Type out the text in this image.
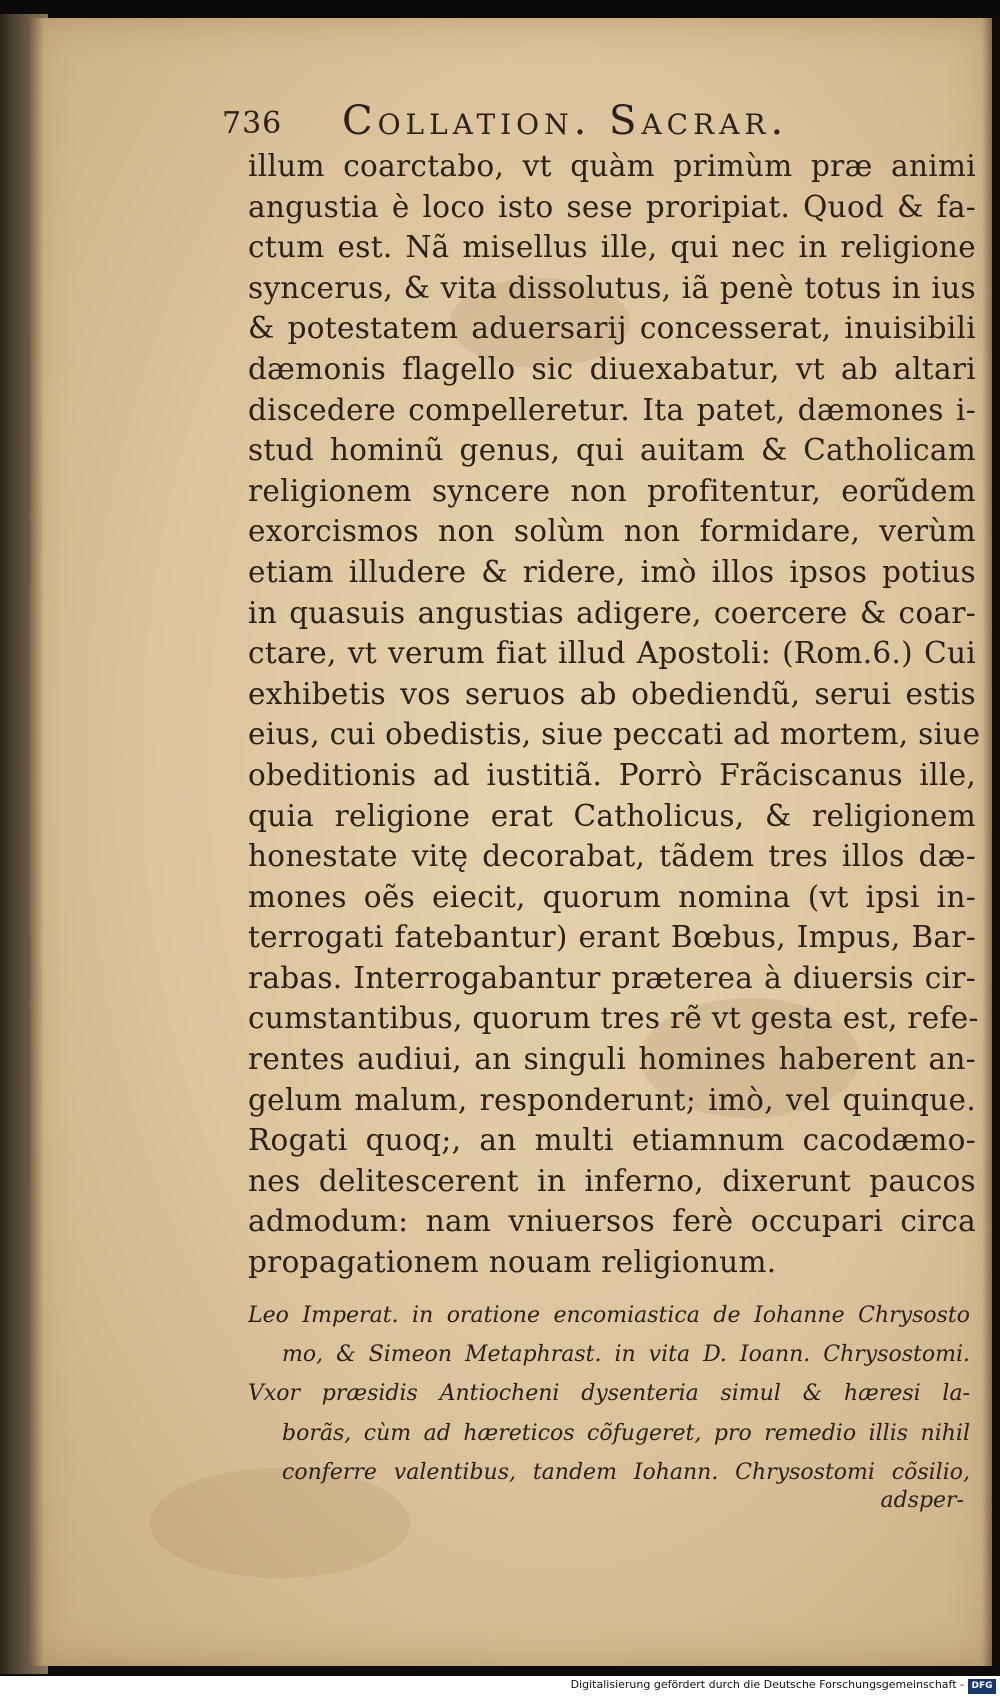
736 Collation. Sacrar.
illum coarctabo, vt quàm primùm præ animi
angustia è loco isto sese proripiat. Quod & fa-
ctum est. Nã misellus ille, qui nec in religione
syncerus, & vita dissolutus, iã penè totus in ius
& potestatem aduersarij concesserat, inuisibili
dæmonis flagello sic diuexabatur, vt ab altari
discedere compelleretur. Ita patet, dæmones i-
stud hominũ genus, qui auitam & Catholicam
religionem syncere non profitentur, eorũdem
exorcismos non solùm non formidare, verùm
etiam illudere & ridere, imò illos ipsos potius
in quasuis angustias adigere, coercere & coar-
ctare, vt verum fiat illud Apostoli: (Rom.6.) Cui
exhibetis vos seruos ab obediendũ, serui estis
eius, cui obedistis, siue peccati ad mortem, siue
obeditionis ad iustitiã. Porrò Frãciscanus ille,
quia religione erat Catholicus, & religionem
honestate vitę decorabat, tãdem tres illos dæ-
mones oẽs eiecit, quorum nomina (vt ipsi in-
terrogati fatebantur) erant Bœbus, Impus, Bar-
rabas. Interrogabantur præterea à diuersis cir-
cumstantibus, quorum tres rẽ vt gesta est, refe-
rentes audiui, an singuli homines haberent an-
gelum malum, responderunt; imò, vel quinque.
Rogati quoq;, an multi etiamnum cacodæmo-
nes delitescerent in inferno, dixerunt paucos
admodum: nam vniuersos ferè occupari circa
propagationem nouam religionum.
Leo Imperat. in oratione encomiastica de Iohanne Chrysosto
mo, & Simeon Metaphrast. in vita D. Ioann. Chrysostomi.
Vxor præsidis Antiocheni dysenteria simul & hæresi la-
borãs, cùm ad hæreticos cõfugeret, pro remedio illis nihil
conferre valentibus, tandem Iohann. Chrysostomi cõsilio,
adsper-
Digitalisierung gefördert durch die Deutsche Forschungsgemeinschaft - DFG
